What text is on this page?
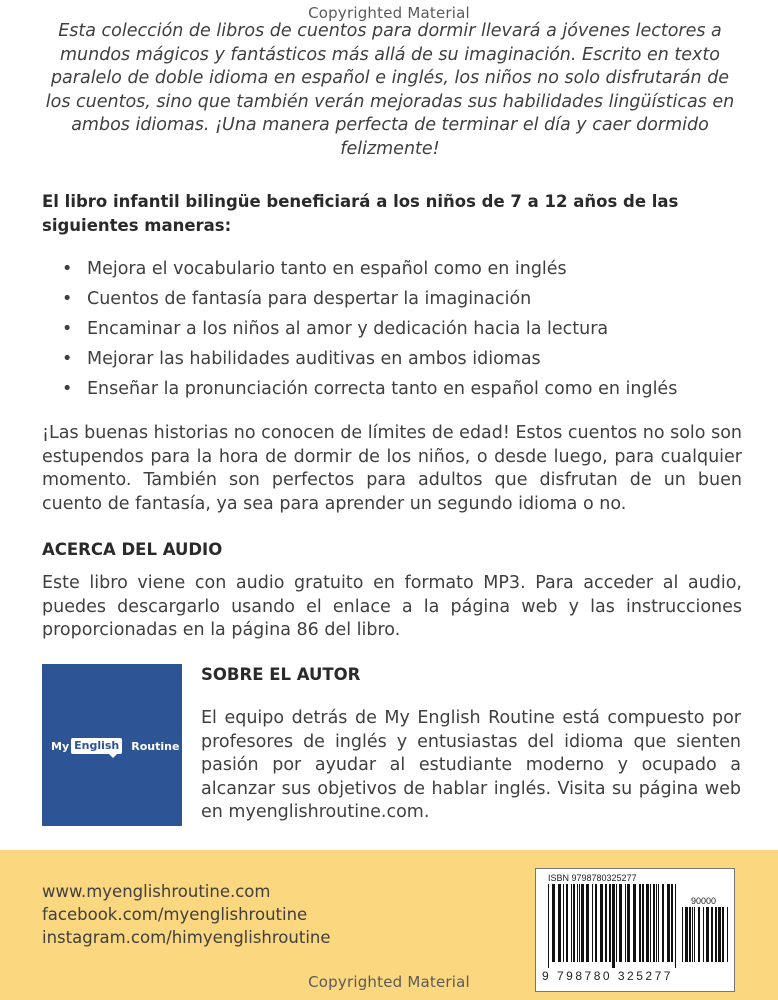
Copyrighted Material

Esta colección de libros de cuentos para dormir llevará a jóvenes lectores a mundos mágicos y fantásticos más allá de su imaginación. Escrito en texto paralelo de doble idioma en español e inglés, los niños no solo disfrutarán de los cuentos, sino que también verán mejoradas sus habilidades lingüísticas en ambos idiomas. ¡Una manera perfecta de terminar el día y caer dormido felizmente!

El libro infantil bilingüe beneficiará a los niños de 7 a 12 años de las siguientes maneras:

• Mejora el vocabulario tanto en español como en inglés
• Cuentos de fantasía para despertar la imaginación
• Encaminar a los niños al amor y dedicación hacia la lectura
• Mejorar las habilidades auditivas en ambos idiomas
• Enseñar la pronunciación correcta tanto en español como en inglés

¡Las buenas historias no conocen de límites de edad! Estos cuentos no solo son estupendos para la hora de dormir de los niños, o desde luego, para cualquier momento. También son perfectos para adultos que disfrutan de un buen cuento de fantasía, ya sea para aprender un segundo idioma o no.

ACERCA DEL AUDIO

Este libro viene con audio gratuito en formato MP3. Para acceder al audio, puedes descargarlo usando el enlace a la página web y las instrucciones proporcionadas en la página 86 del libro.

My English Routine
SOBRE EL AUTOR

El equipo detrás de My English Routine está compuesto por profesores de inglés y entusiastas del idioma que sienten pasión por ayudar al estudiante moderno y ocupado a alcanzar sus objetivos de hablar inglés. Visita su página web en myenglishroutine.com.

www.myenglishroutine.com
facebook.com/myenglishroutine
instagram.com/himyenglishroutine
ISBN 9798780325277
90000
9 798780 325277
Copyrighted Material
